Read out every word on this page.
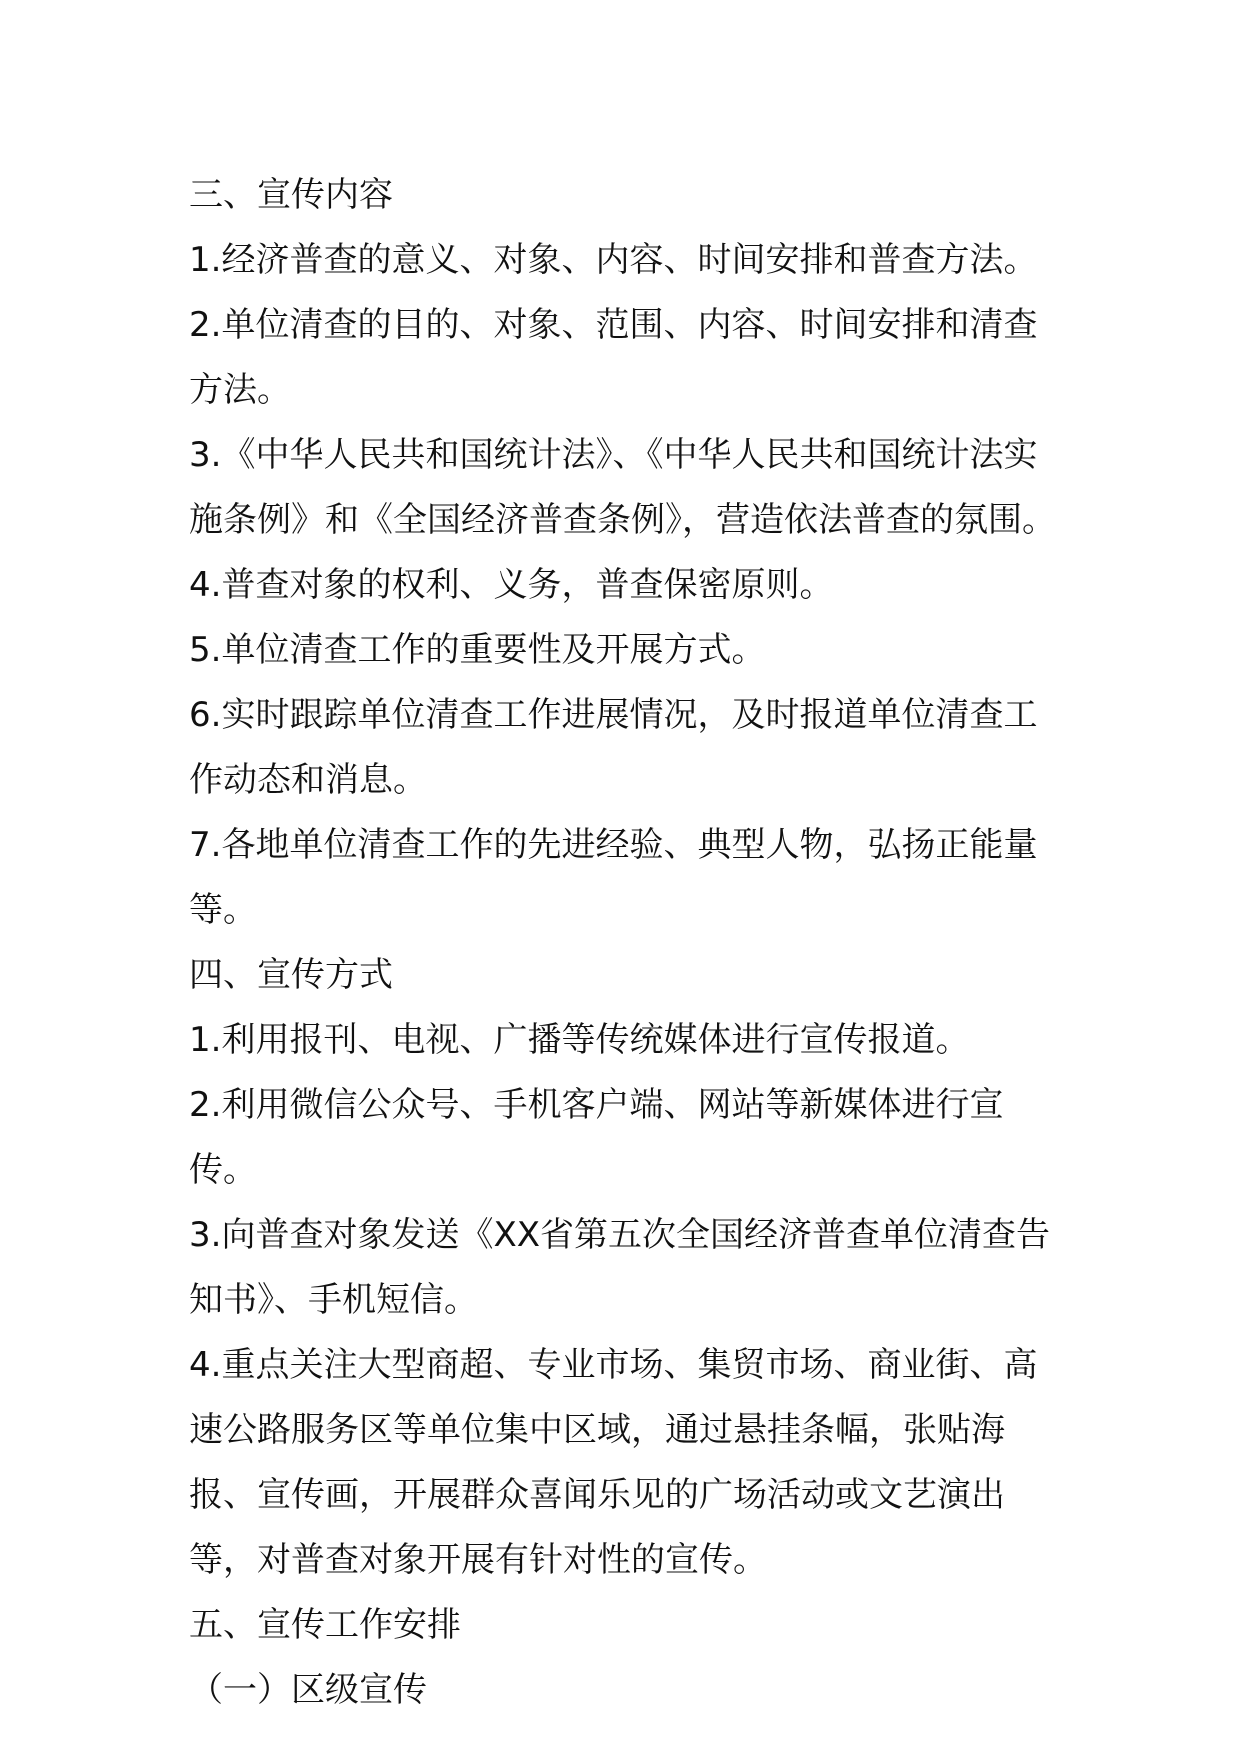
三、宣传内容

1.经济普查的意义、对象、内容、时间安排和普查方法。

2.单位清查的目的、对象、范围、内容、时间安排和清查方法。

3.《中华人民共和国统计法》、《中华人民共和国统计法实施条例》和《全国经济普查条例》，营造依法普查的氛围。

4.普查对象的权利、义务，普查保密原则。

5.单位清查工作的重要性及开展方式。

6.实时跟踪单位清查工作进展情况，及时报道单位清查工作动态和消息。

7.各地单位清查工作的先进经验、典型人物，弘扬正能量等。

四、宣传方式

1.利用报刊、电视、广播等传统媒体进行宣传报道。

2.利用微信公众号、手机客户端、网站等新媒体进行宣传。

3.向普查对象发送《XX省第五次全国经济普查单位清查告知书》、手机短信。

4.重点关注大型商超、专业市场、集贸市场、商业街、高速公路服务区等单位集中区域，通过悬挂条幅，张贴海报、宣传画，开展群众喜闻乐见的广场活动或文艺演出等，对普查对象开展有针对性的宣传。

五、宣传工作安排

（一）区级宣传
